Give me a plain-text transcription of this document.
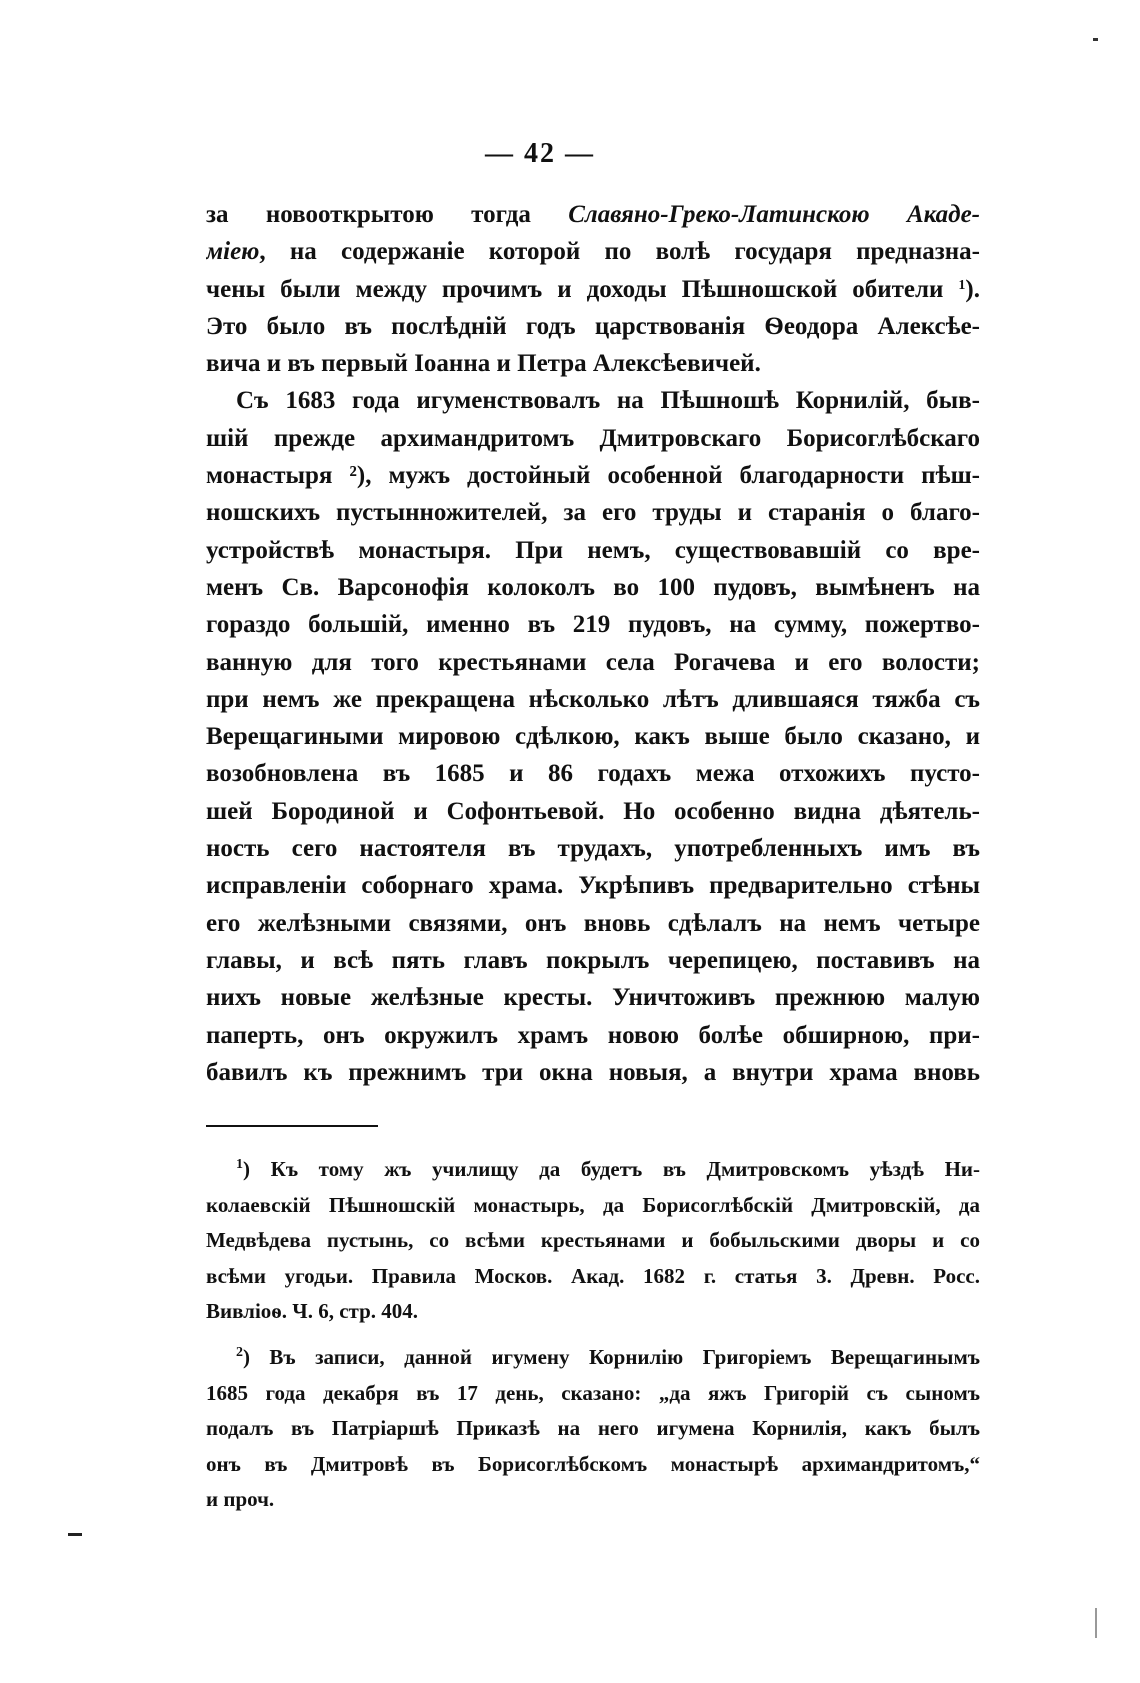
— 42 —
за новооткрытою тогда Славяно-Греко-Латинскою Акаде-
міею, на содержаніе которой по волѣ государя предназна-
чены были между прочимъ и доходы Пѣшношской обители $^1$).
Это было въ послѣдній годъ царствованія Ѳеодора Алексѣе-
вича и въ первый Іоанна и Петра Алексѣевичей.
Съ 1683 года игуменствовалъ на Пѣшношѣ Корнилій, быв-
шій прежде архимандритомъ Дмитровскаго Борисоглѣбскаго
монастыря ²), мужъ достойный особенной благодарности пѣш-
ношскихъ пустынножителей, за его труды и старанія о благо-
устройствѣ монастыря. При немъ, существовавшій со вре-
менъ Св. Варсонофія колоколъ во 100 пудовъ, вымѣненъ на
гораздо большій, именно въ 219 пудовъ, на сумму, пожертво-
ванную для того крестьянами села Рогачева и его волости;
при немъ же прекращена нѣсколько лѣтъ длившаяся тяжба съ
Верещагиными мировою сдѣлкою, какъ выше было сказано, и
возобновлена въ 1685 и 86 годахъ межа отхожихъ пусто-
шей Бородиной и Софонтьевой. Но особенно видна дѣятель-
ность сего настоятеля въ трудахъ, употребленныхъ имъ въ
исправленіи соборнаго храма. Укрѣпивъ предварительно стѣны
его желѣзными связями, онъ вновь сдѣлалъ на немъ четыре
главы, и всѣ пять главъ покрылъ черепицею, поставивъ на
нихъ новые желѣзные кресты. Уничтоживъ прежнюю малую
паперть, онъ окружилъ храмъ новою болѣе обширною, при-
бавилъ къ прежнимъ три окна новыя, а внутри храма вновь
$^1$) Къ тому жъ училищу да будетъ въ Дмитровскомъ уѣздѣ Ни-
колаевскій Пѣшношскій монастырь, да Борисоглѣбскій Дмитровскій, да
Медвѣдева пустынь, со всѣми крестьянами и бобыльскими дворы и со
всѣми угодьи. Правила Москов. Акад. 1682 г. статья 3. Древн. Росс.
Вивліоѳ. Ч. 6, стр. 404.
$^2$) Въ записи, данной игумену Корнилію Григоріемъ Верещагинымъ
1685 года декабря въ 17 день, сказано: „да яжъ Григорій съ сыномъ
подалъ въ Патріаршѣ Приказѣ на него игумена Корнилія, какъ былъ
онъ въ Дмитровѣ въ Борисоглѣбскомъ монастырѣ архимандритомъ,“
и проч.
